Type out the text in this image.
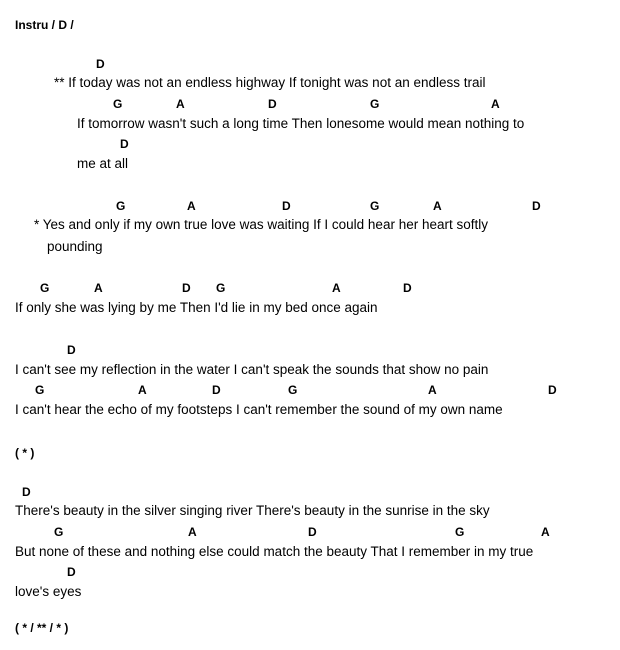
Instru / D /
D
** If today was not an endless highway If tonight was not an endless trail
G	A	D	G	A
If tomorrow wasn't such a long time Then lonesome would mean nothing to
D
me at all
G	A	D	G	A	D
* Yes and only if my own true love was waiting If I could hear her heart softly
pounding
G	A	D G	A	D
If only she was lying by me Then I'd lie in my bed once again
D
I can't see my reflection in the water I can't speak the sounds that show no pain
G	A	D	G	A	D
I can't hear the echo of my footsteps I can't remember the sound of my own name
( * )
D
There's beauty in the silver singing river There's beauty in the sunrise in the sky
G	A	D	G	A
But none of these and nothing else could match the beauty That I remember in my true
D
love's eyes
( * / ** / * )
